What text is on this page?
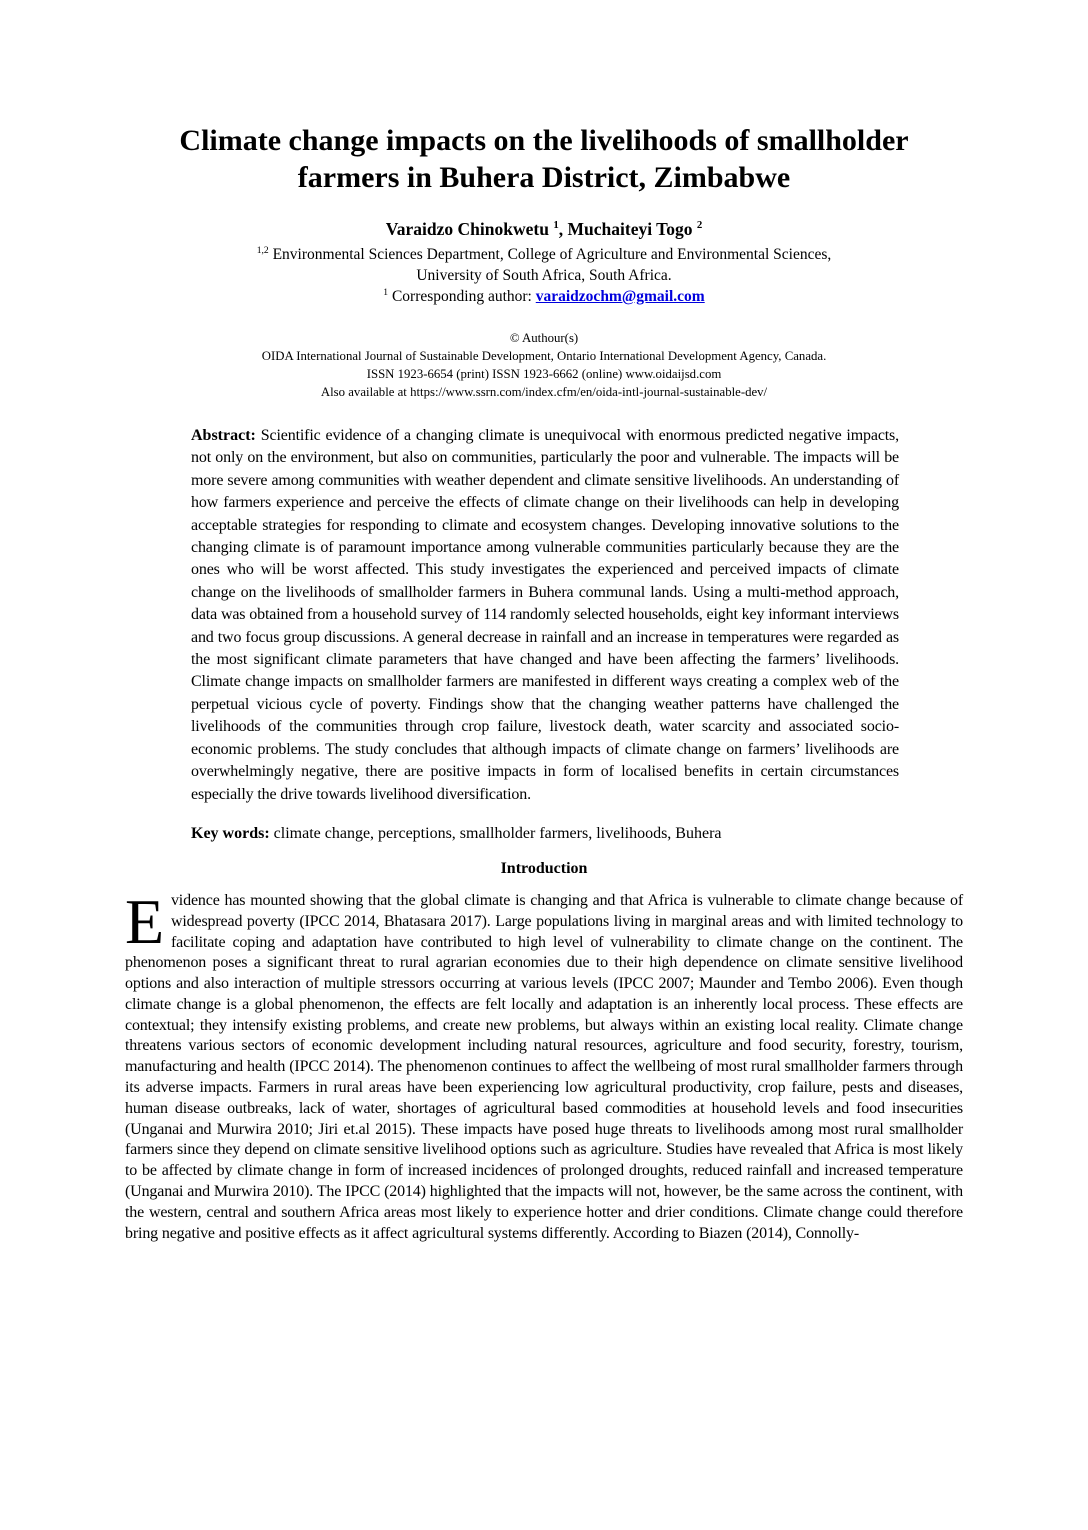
Climate change impacts on the livelihoods of smallholder
farmers in Buhera District, Zimbabwe
Varaidzo Chinokwetu $^1$, Muchaiteyi Togo $^2$
$^{1,2}$ Environmental Sciences Department, College of Agriculture and Environmental Sciences,
University of South Africa, South Africa.
$^1$ Corresponding author: varaidzochm@gmail.com
© Authour(s)
OIDA International Journal of Sustainable Development, Ontario International Development Agency, Canada.
ISSN 1923-6654 (print) ISSN 1923-6662 (online) www.oidaijsd.com
Also available at https://www.ssrn.com/index.cfm/en/oida-intl-journal-sustainable-dev/

Abstract: Scientific evidence of a changing climate is unequivocal with enormous predicted negative impacts, not only on the environment, but also on communities, particularly the poor and vulnerable. The impacts will be more severe among communities with weather dependent and climate sensitive livelihoods. An understanding of how farmers experience and perceive the effects of climate change on their livelihoods can help in developing acceptable strategies for responding to climate and ecosystem changes. Developing innovative solutions to the changing climate is of paramount importance among vulnerable communities particularly because they are the ones who will be worst affected. This study investigates the experienced and perceived impacts of climate change on the livelihoods of smallholder farmers in Buhera communal lands. Using a multi-method approach, data was obtained from a household survey of 114 randomly selected households, eight key informant interviews and two focus group discussions. A general decrease in rainfall and an increase in temperatures were regarded as the most significant climate parameters that have changed and have been affecting the farmers’ livelihoods. Climate change impacts on smallholder farmers are manifested in different ways creating a complex web of the perpetual vicious cycle of poverty. Findings show that the changing weather patterns have challenged the livelihoods of the communities through crop failure, livestock death, water scarcity and associated socio-economic problems. The study concludes that although impacts of climate change on farmers’ livelihoods are overwhelmingly negative, there are positive impacts in form of localised benefits in certain circumstances especially the drive towards livelihood diversification.

Key words: climate change, perceptions, smallholder farmers, livelihoods, Buhera

Introduction

Evidence has mounted showing that the global climate is changing and that Africa is vulnerable to climate change because of widespread poverty (IPCC 2014, Bhatasara 2017). Large populations living in marginal areas and with limited technology to facilitate coping and adaptation have contributed to high level of vulnerability to climate change on the continent. The phenomenon poses a significant threat to rural agrarian economies due to their high dependence on climate sensitive livelihood options and also interaction of multiple stressors occurring at various levels (IPCC 2007; Maunder and Tembo 2006). Even though climate change is a global phenomenon, the effects are felt locally and adaptation is an inherently local process. These effects are contextual; they intensify existing problems, and create new problems, but always within an existing local reality. Climate change threatens various sectors of economic development including natural resources, agriculture and food security, forestry, tourism, manufacturing and health (IPCC 2014). The phenomenon continues to affect the wellbeing of most rural smallholder farmers through its adverse impacts. Farmers in rural areas have been experiencing low agricultural productivity, crop failure, pests and diseases, human disease outbreaks, lack of water, shortages of agricultural based commodities at household levels and food insecurities (Unganai and Murwira 2010; Jiri et.al 2015). These impacts have posed huge threats to livelihoods among most rural smallholder farmers since they depend on climate sensitive livelihood options such as agriculture. Studies have revealed that Africa is most likely to be affected by climate change in form of increased incidences of prolonged droughts, reduced rainfall and increased temperature (Unganai and Murwira 2010). The IPCC (2014) highlighted that the impacts will not, however, be the same across the continent, with the western, central and southern Africa areas most likely to experience hotter and drier conditions. Climate change could therefore bring negative and positive effects as it affect agricultural systems differently. According to Biazen (2014), Connolly-
